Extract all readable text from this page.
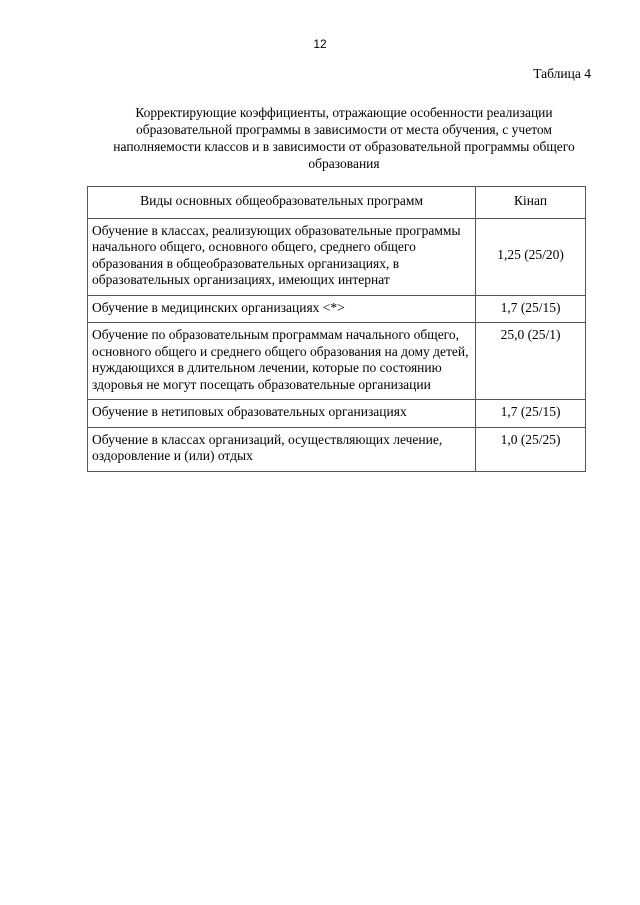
12
Таблица 4
Корректирующие коэффициенты, отражающие особенности реализации образовательной программы в зависимости от места обучения, с учетом наполняемости классов и в зависимости от образовательной программы общего образования
Виды основных общеобразовательных программ	Кінап
Обучение в классах, реализующих образовательные программы начального общего, основного общего, среднего общего образования в общеобразовательных организациях, в образовательных организациях, имеющих интернат	1,25 (25/20)
Обучение в медицинских организациях <*>	1,7 (25/15)
Обучение по образовательным программам начального общего, основного общего и среднего общего образования на дому детей, нуждающихся в длительном лечении, которые по состоянию здоровья не могут посещать образовательные организации	25,0 (25/1)
Обучение в нетиповых образовательных организациях	1,7 (25/15)
Обучение в классах организаций, осуществляющих лечение, оздоровление и (или) отдых	1,0 (25/25)
